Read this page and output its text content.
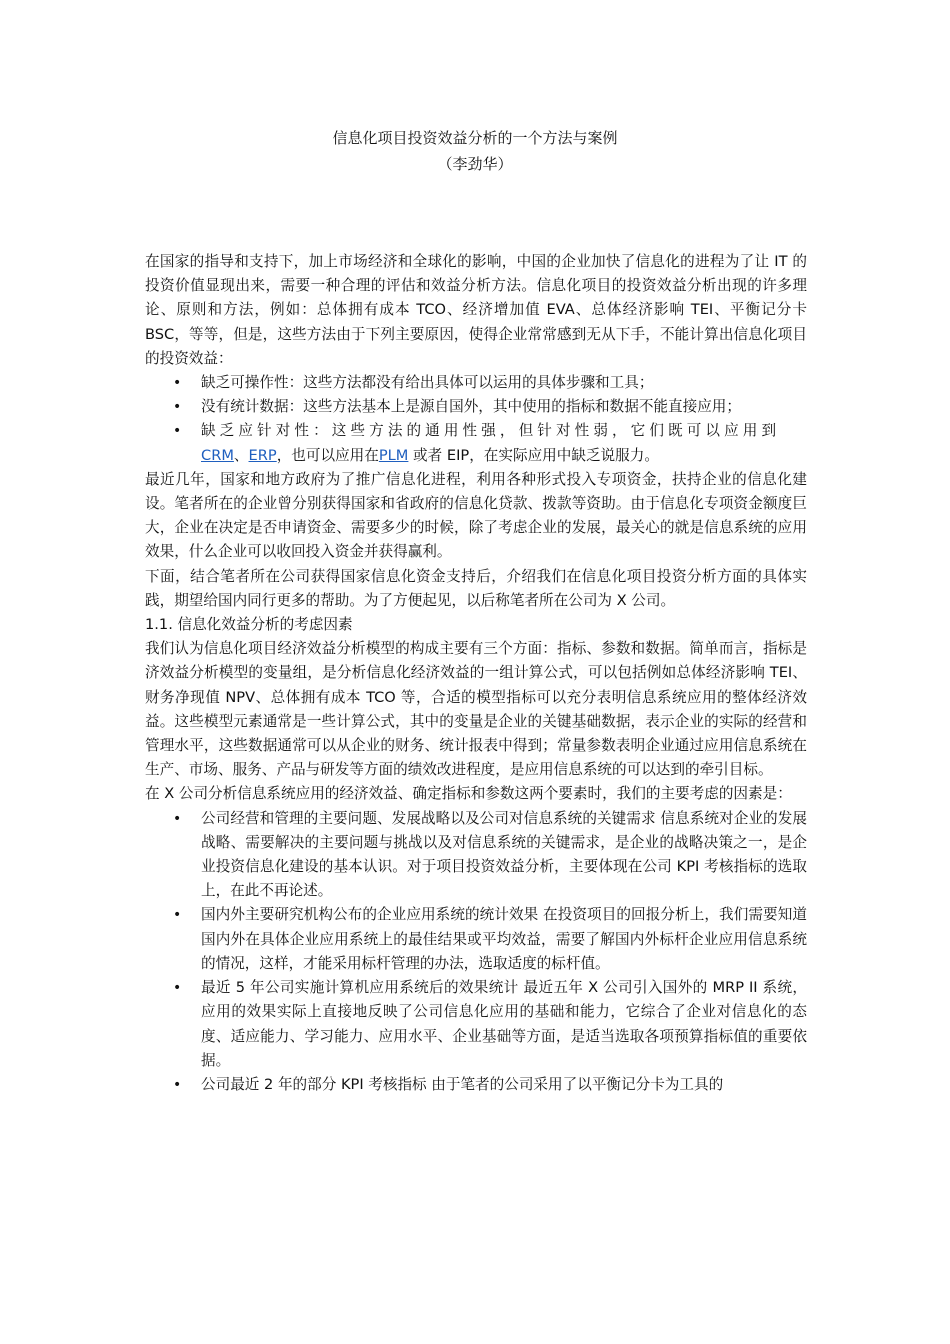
信息化项目投资效益分析的一个方法与案例
（李劲华）

在国家的指导和支持下，加上市场经济和全球化的影响，中国的企业加快了信息化的进程为了让 IT 的投资价值显现出来，需要一种合理的评估和效益分析方法。信息化项目的投资效益分析出现的许多理论、原则和方法，例如：总体拥有成本 TCO、经济增加值 EVA、总体经济影响 TEI、平衡记分卡 BSC，等等，但是，这些方法由于下列主要原因，使得企业常常感到无从下手，不能计算出信息化项目的投资效益：

• 缺乏可操作性：这些方法都没有给出具体可以运用的具体步骤和工具；
• 没有统计数据：这些方法基本上是源自国外，其中使用的指标和数据不能直接应用；
• 缺乏应针对性：这些方法的通用性强，但针对性弱，它们既可以应用到
CRM、ERP，也可以应用在PLM 或者 EIP，在实际应用中缺乏说服力。

最近几年，国家和地方政府为了推广信息化进程，利用各种形式投入专项资金，扶持企业的信息化建设。笔者所在的企业曾分别获得国家和省政府的信息化贷款、拨款等资助。由于信息化专项资金额度巨大，企业在决定是否申请资金、需要多少的时候，除了考虑企业的发展，最关心的就是信息系统的应用效果，什么企业可以收回投入资金并获得赢利。

下面，结合笔者所在公司获得国家信息化资金支持后，介绍我们在信息化项目投资分析方面的具体实践，期望给国内同行更多的帮助。为了方便起见，以后称笔者所在公司为 X 公司。

1.1. 信息化效益分析的考虑因素

我们认为信息化项目经济效益分析模型的构成主要有三个方面：指标、参数和数据。简单而言，指标是济效益分析模型的变量组，是分析信息化经济效益的一组计算公式，可以包括例如总体经济影响 TEI、财务净现值 NPV、总体拥有成本 TCO 等，合适的模型指标可以充分表明信息系统应用的整体经济效益。这些模型元素通常是一些计算公式，其中的变量是企业的关键基础数据，表示企业的实际的经营和管理水平，这些数据通常可以从企业的财务、统计报表中得到；常量参数表明企业通过应用信息系统在生产、市场、服务、产品与研发等方面的绩效改进程度，是应用信息系统的可以达到的牵引目标。

在 X 公司分析信息系统应用的经济效益、确定指标和参数这两个要素时，我们的主要考虑的因素是：

• 公司经营和管理的主要问题、发展战略以及公司对信息系统的关键需求 信息系统对企业的发展战略、需要解决的主要问题与挑战以及对信息系统的关键需求，是企业的战略决策之一，是企业投资信息化建设的基本认识。对于项目投资效益分析，主要体现在公司 KPI 考核指标的选取上，在此不再论述。
• 国内外主要研究机构公布的企业应用系统的统计效果 在投资项目的回报分析上，我们需要知道国内外在具体企业应用系统上的最佳结果或平均效益，需要了解国内外标杆企业应用信息系统的情况，这样，才能采用标杆管理的办法，选取适度的标杆值。
• 最近 5 年公司实施计算机应用系统后的效果统计 最近五年 X 公司引入国外的 MRP II 系统，应用的效果实际上直接地反映了公司信息化应用的基础和能力，它综合了企业对信息化的态度、适应能力、学习能力、应用水平、企业基础等方面，是适当选取各项预算指标值的重要依据。
• 公司最近 2 年的部分 KPI 考核指标 由于笔者的公司采用了以平衡记分卡为工具的
